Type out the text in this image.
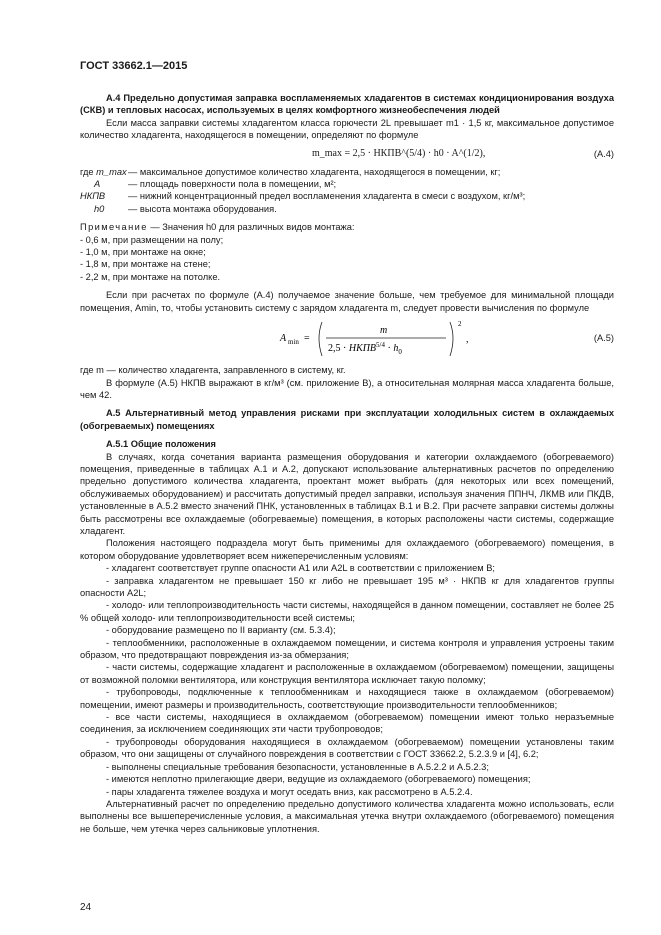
ГОСТ 33662.1—2015

А.4 Предельно допустимая заправка воспламеняемых хладагентов в системах кондиционирования воздуха (СКВ) и тепловых насосах, используемых в целях комфортного жизнеобеспечения людей

Если масса заправки системы хладагентом класса горючести 2L превышает m1 · 1,5 кг, максимальное допустимое количество хладагента, находящегося в помещении, определяют по формуле

m_max = 2,5 · НКПВ^(5/4) · h0 · A^(1/2),	(А.4)
где m_max — максимальное допустимое количество хладагента, находящегося в помещении, кг;
A	— площадь поверхности пола в помещении, м²;
НКПВ	— нижний концентрационный предел воспламенения хладагента в смеси с воздухом, кг/м³;
h0	— высота монтажа оборудования.

Примечание — Значения h0 для различных видов монтажа:

- 0,6 м, при размещении на полу;

- 1,0 м, при монтаже на окне;

- 1,8 м, при монтаже на стене;

- 2,2 м, при монтаже на потолке.

Если при расчетах по формуле (А.4) получаемое значение больше, чем требуемое для минимальной площади помещения, Amin, то, чтобы установить систему с зарядом хладагента m, следует провести вычисления по формуле

A min =
m
$2,5 \cdot НКПВ^{5/4} \cdot h_0$
2
,	(А.5)

где m — количество хладагента, заправленного в систему, кг.

В формуле (А.5) НКПВ выражают в кг/м³ (см. приложение В), а относительная молярная масса хладагента больше, чем 42.

А.5 Альтернативный метод управления рисками при эксплуатации холодильных систем в охлаждаемых (обогреваемых) помещениях

А.5.1 Общие положения

В случаях, когда сочетания варианта размещения оборудования и категории охлаждаемого (обогреваемого) помещения, приведенные в таблицах А.1 и А.2, допускают использование альтернативных расчетов по определению предельно допустимого количества хладагента, проектант может выбрать (для некоторых или всех помещений, обслуживаемых оборудованием) и рассчитать допустимый предел заправки, используя значения ППНЧ, ЛКМВ или ПКДВ, установленные в А.5.2 вместо значений ПНК, установленных в таблицах В.1 и В.2. При расчете заправки системы должны быть рассмотрены все охлаждаемые (обогреваемые) помещения, в которых расположены части системы, содержащие хладагент.

Положения настоящего подраздела могут быть применимы для охлаждаемого (обогреваемого) помещения, в котором оборудование удовлетворяет всем нижеперечисленным условиям:

- хладагент соответствует группе опасности А1 или А2L в соответствии с приложением В;

- заправка хладагентом не превышает 150 кг либо не превышает 195 м³ · НКПВ кг для хладагентов группы опасности А2L;

- холодо- или теплопроизводительность части системы, находящейся в данном помещении, составляет не более 25 % общей холодо- или теплопроизводительности всей системы;

- оборудование размещено по II варианту (см. 5.3.4);

- теплообменники, расположенные в охлаждаемом помещении, и система контроля и управления устроены таким образом, что предотвращают повреждения из-за обмерзания;

- части системы, содержащие хладагент и расположенные в охлаждаемом (обогреваемом) помещении, защищены от возможной поломки вентилятора, или конструкция вентилятора исключает такую поломку;

- трубопроводы, подключенные к теплообменникам и находящиеся также в охлаждаемом (обогреваемом) помещении, имеют размеры и производительность, соответствующие производительности теплообменников;

- все части системы, находящиеся в охлаждаемом (обогреваемом) помещении имеют только неразъемные соединения, за исключением соединяющих эти части трубопроводов;

- трубопроводы оборудования находящиеся в охлаждаемом (обогреваемом) помещении установлены таким образом, что они защищены от случайного повреждения в соответствии с ГОСТ 33662.2, 5.2.3.9 и [4], 6.2;

- выполнены специальные требования безопасности, установленные в А.5.2.2 и А.5.2.3;

- имеются неплотно прилегающие двери, ведущие из охлаждаемого (обогреваемого) помещения;

- пары хладагента тяжелее воздуха и могут оседать вниз, как рассмотрено в А.5.2.4.

Альтернативный расчет по определению предельно допустимого количества хладагента можно использовать, если выполнены все вышеперечисленные условия, а максимальная утечка внутри охлаждаемого (обогреваемого) помещения не больше, чем утечка через сальниковые уплотнения.

24
